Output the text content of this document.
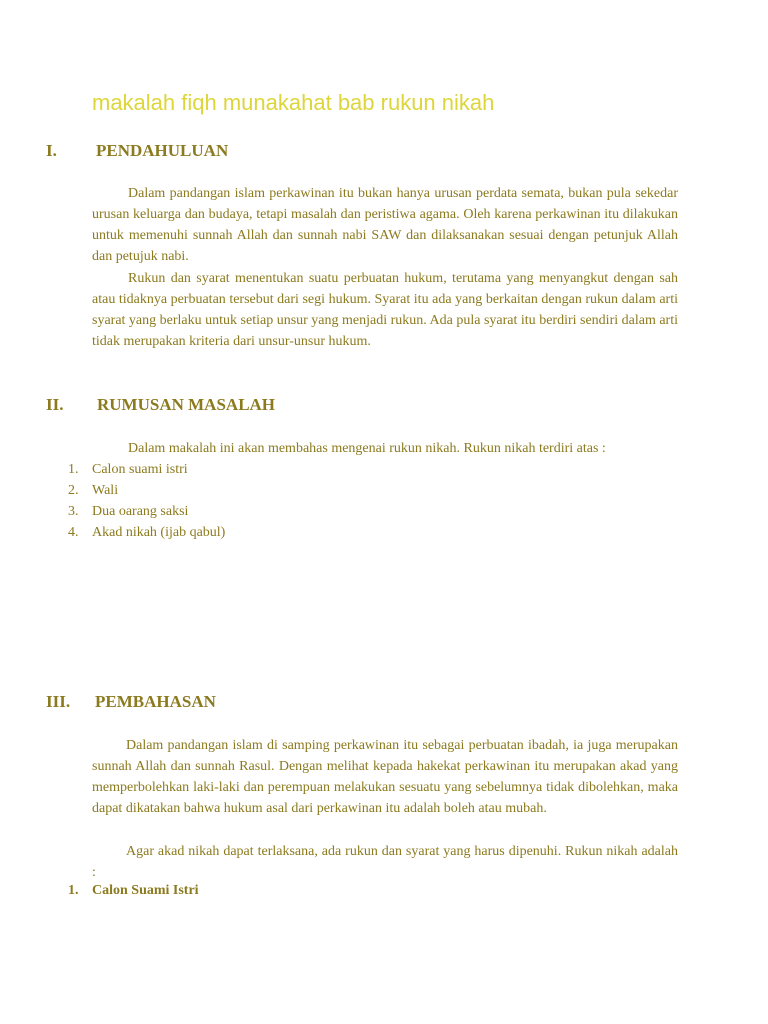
makalah fiqh munakahat bab rukun nikah
I. PENDAHULUAN

Dalam pandangan islam perkawinan itu bukan hanya urusan perdata semata, bukan pula sekedar urusan keluarga dan budaya, tetapi masalah dan peristiwa agama. Oleh karena perkawinan itu dilakukan untuk memenuhi sunnah Allah dan sunnah nabi SAW dan dilaksanakan sesuai dengan petunjuk Allah dan petujuk nabi.

Rukun dan syarat menentukan suatu perbuatan hukum, terutama yang menyangkut dengan sah atau tidaknya perbuatan tersebut dari segi hukum. Syarat itu ada yang berkaitan dengan rukun dalam arti syarat yang berlaku untuk setiap unsur yang menjadi rukun. Ada pula syarat itu berdiri sendiri dalam arti tidak merupakan kriteria dari unsur-unsur hukum.

II. RUMUSAN MASALAH

Dalam makalah ini akan membahas mengenai rukun nikah. Rukun nikah terdiri atas :

1. Calon suami istri
2. Wali
3. Dua oarang saksi
4. Akad nikah (ijab qabul)
III. PEMBAHASAN

Dalam pandangan islam di samping perkawinan itu sebagai perbuatan ibadah, ia juga merupakan sunnah Allah dan sunnah Rasul. Dengan melihat kepada hakekat perkawinan itu merupakan akad yang memperbolehkan laki-laki dan perempuan melakukan sesuatu yang sebelumnya tidak dibolehkan, maka dapat dikatakan bahwa hukum asal dari perkawinan itu adalah boleh atau mubah.

Agar akad nikah dapat terlaksana, ada rukun dan syarat yang harus dipenuhi. Rukun nikah adalah :

1. Calon Suami Istri
